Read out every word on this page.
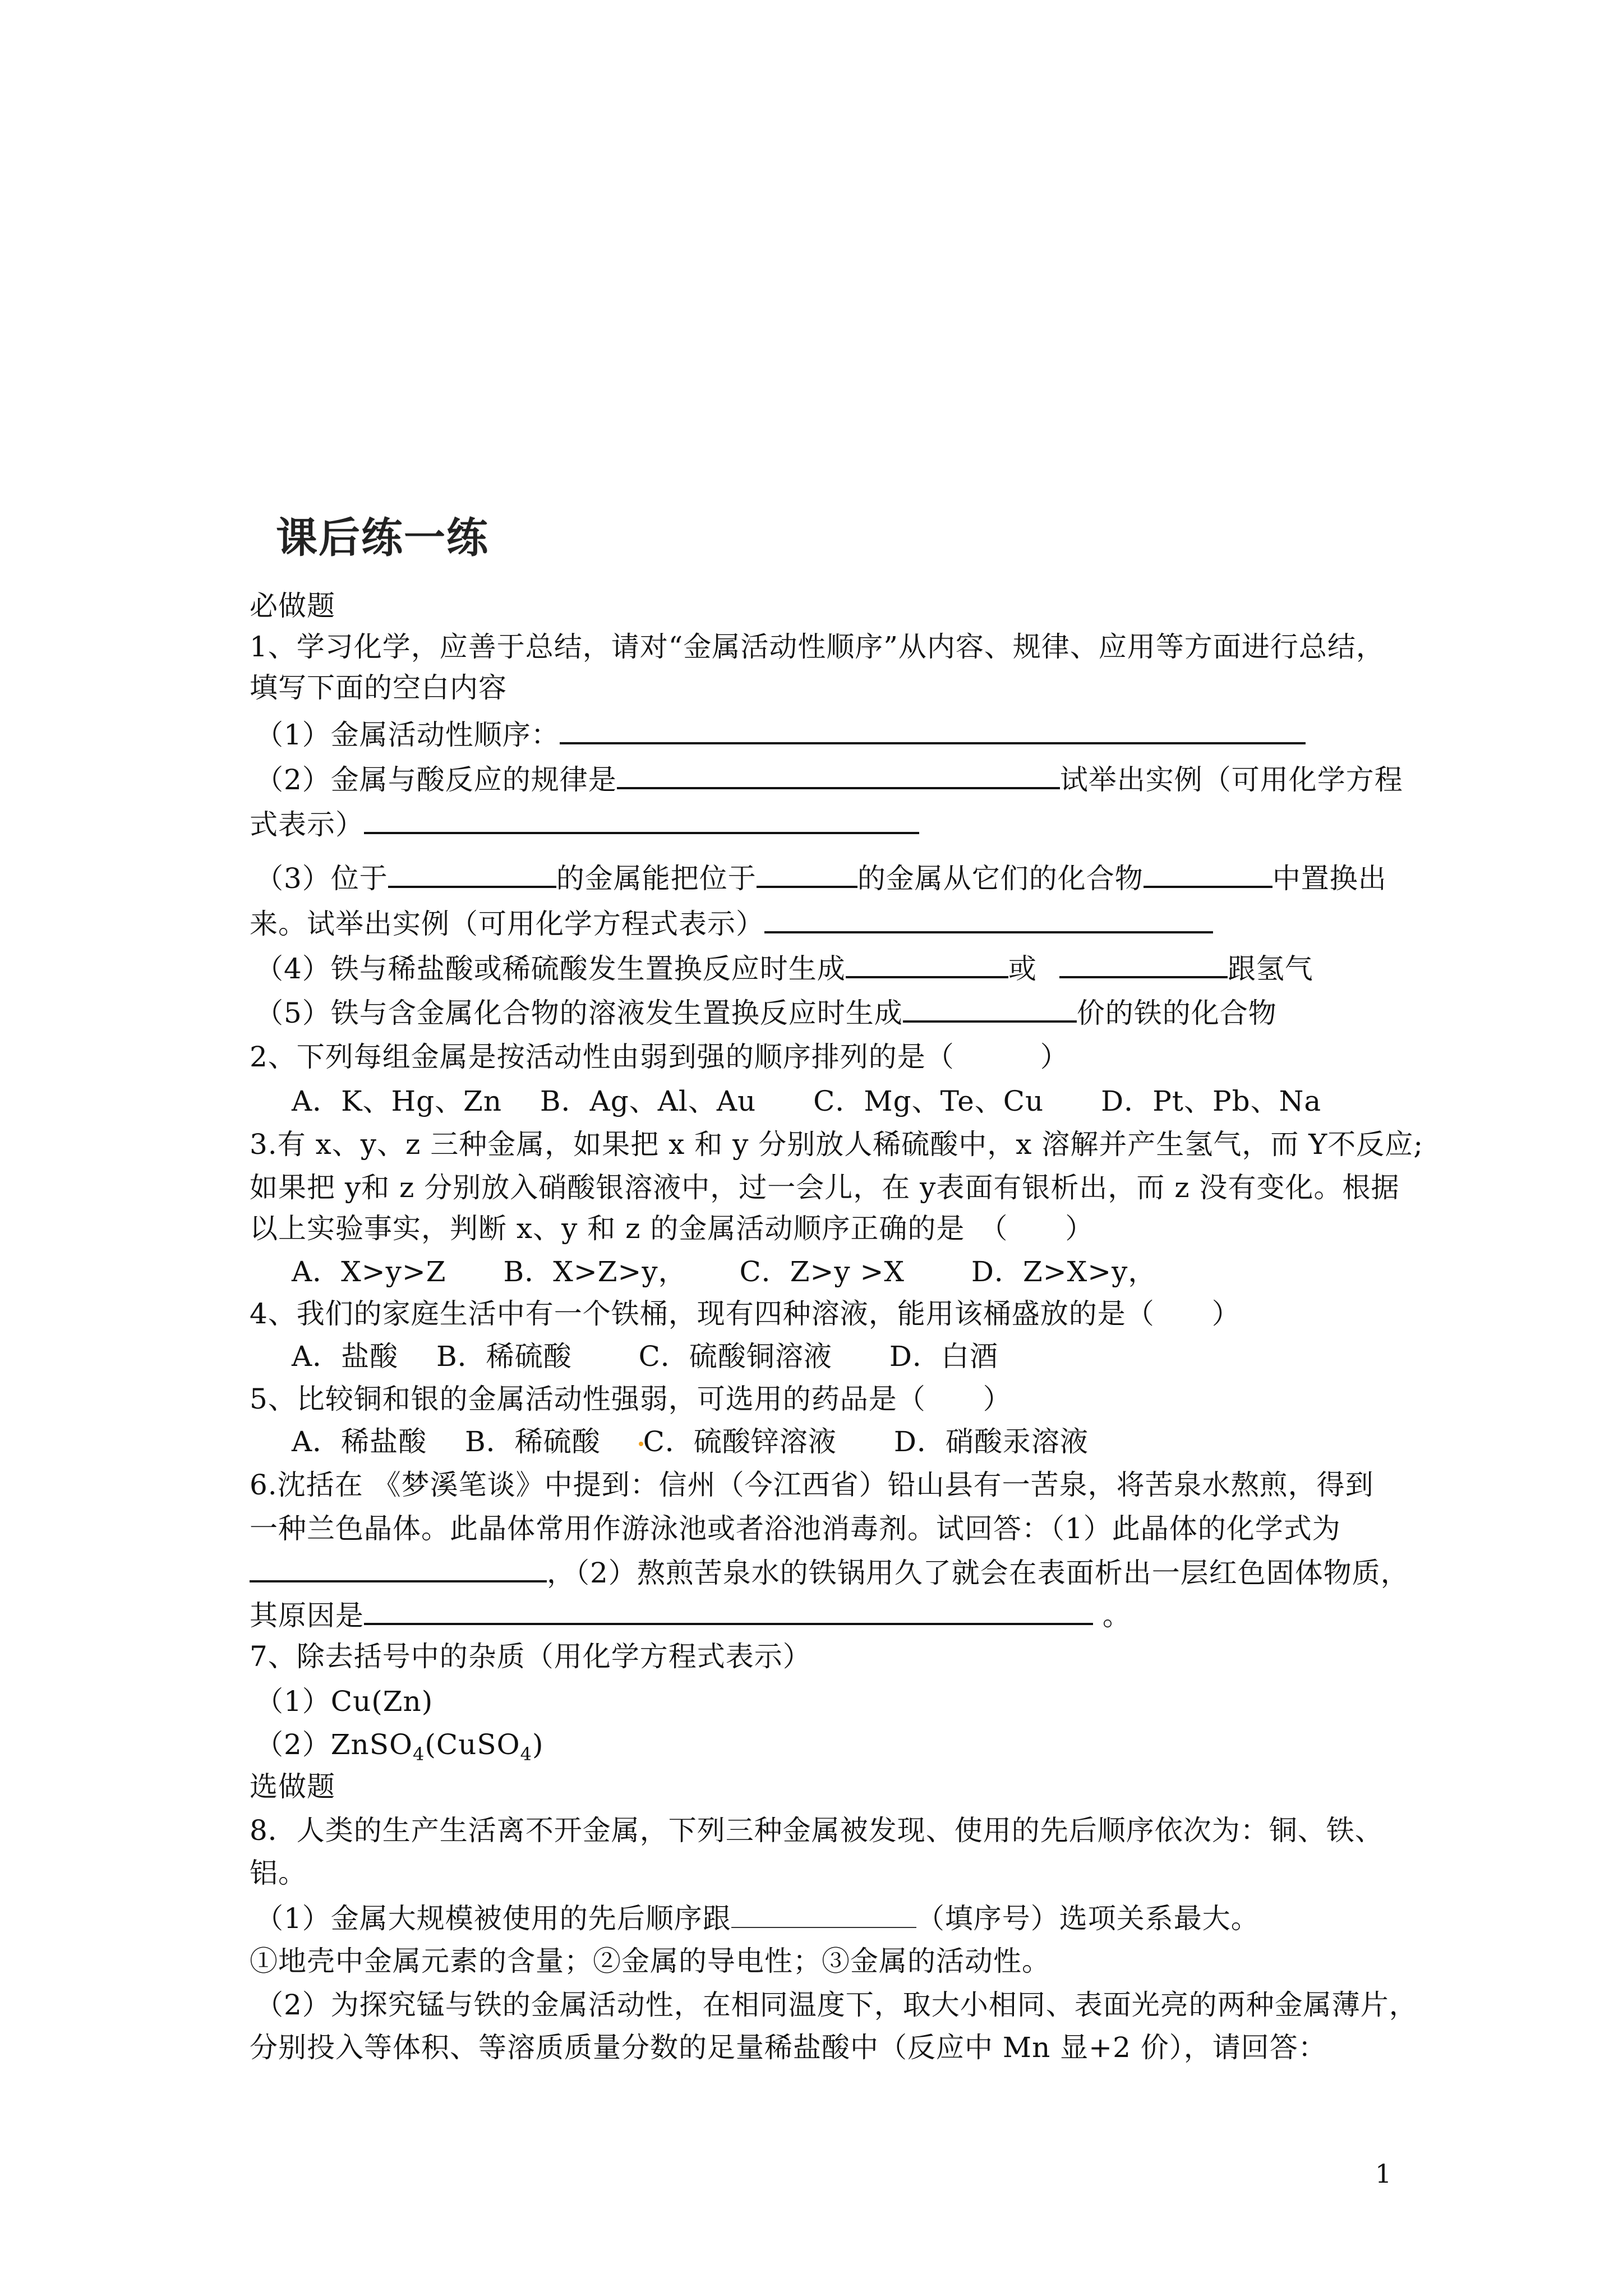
课后练一练
必做题
1、学习化学，应善于总结，请对“金属活动性顺序”从内容、规律、应用等方面进行总结，
填写下面的空白内容
（1）金属活动性顺序：
（2）金属与酸反应的规律是	试举出实例（可用化学方程
式表示）
（3）位于	的金属能把位于	的金属从它们的化合物	中置换出
来。试举出实例（可用化学方程式表示）
（4）铁与稀盐酸或稀硫酸发生置换反应时生成	或	跟氢气
（5）铁与含金属化合物的溶液发生置换反应时生成	价的铁的化合物
2、下列每组金属是按活动性由弱到强的顺序排列的是（　　　）
A．K、Hg、Zn　 B．Ag、Al、Au　　C．Mg、Te、Cu　　D．Pt、Pb、Na
3.有 x、y、z 三种金属，如果把 x 和 y 分别放人稀硫酸中，x 溶解并产生氢气，而 Y不反应;
如果把 y和 z 分别放入硝酸银溶液中，过一会儿，在 y表面有银析出，而 z 没有变化。根据
以上实验事实，判断 x、y 和 z 的金属活动顺序正确的是　（　　）
A．X>y>Z　　B．X>Z>y，　　 C．Z>y >X　　 D．Z>X>y，
4、我们的家庭生活中有一个铁桶，现有四种溶液，能用该桶盛放的是（　　）
A．盐酸　 B．稀硫酸　　 C．硫酸铜溶液　　D．白酒
5、比较铜和银的金属活动性强弱，可选用的药品是（　　）
A．稀盐酸　 B．稀硫酸　 C．硫酸锌溶液　　D．硝酸汞溶液
6.沈括在 《梦溪笔谈》中提到：信州（今江西省）铅山县有一苦泉，将苦泉水熬煎，得到
一种兰色晶体。此晶体常用作游泳池或者浴池消毒剂。试回答：（1）此晶体的化学式为
，（2）熬煎苦泉水的铁锅用久了就会在表面析出一层红色固体物质，
其原因是	。
7、除去括号中的杂质（用化学方程式表示）
（1）Cu(Zn)
（2）ZnSO$_4$(CuSO$_4$)
选做题
8．人类的生产生活离不开金属，下列三种金属被发现、使用的先后顺序依次为：铜、铁、
铝。
（1）金属大规模被使用的先后顺序跟	（填序号）选项关系最大。
①地壳中金属元素的含量；②金属的导电性；③金属的活动性。
（2）为探究锰与铁的金属活动性，在相同温度下，取大小相同、表面光亮的两种金属薄片，
分别投入等体积、等溶质质量分数的足量稀盐酸中（反应中 Mn 显+2 价），请回答：
1
